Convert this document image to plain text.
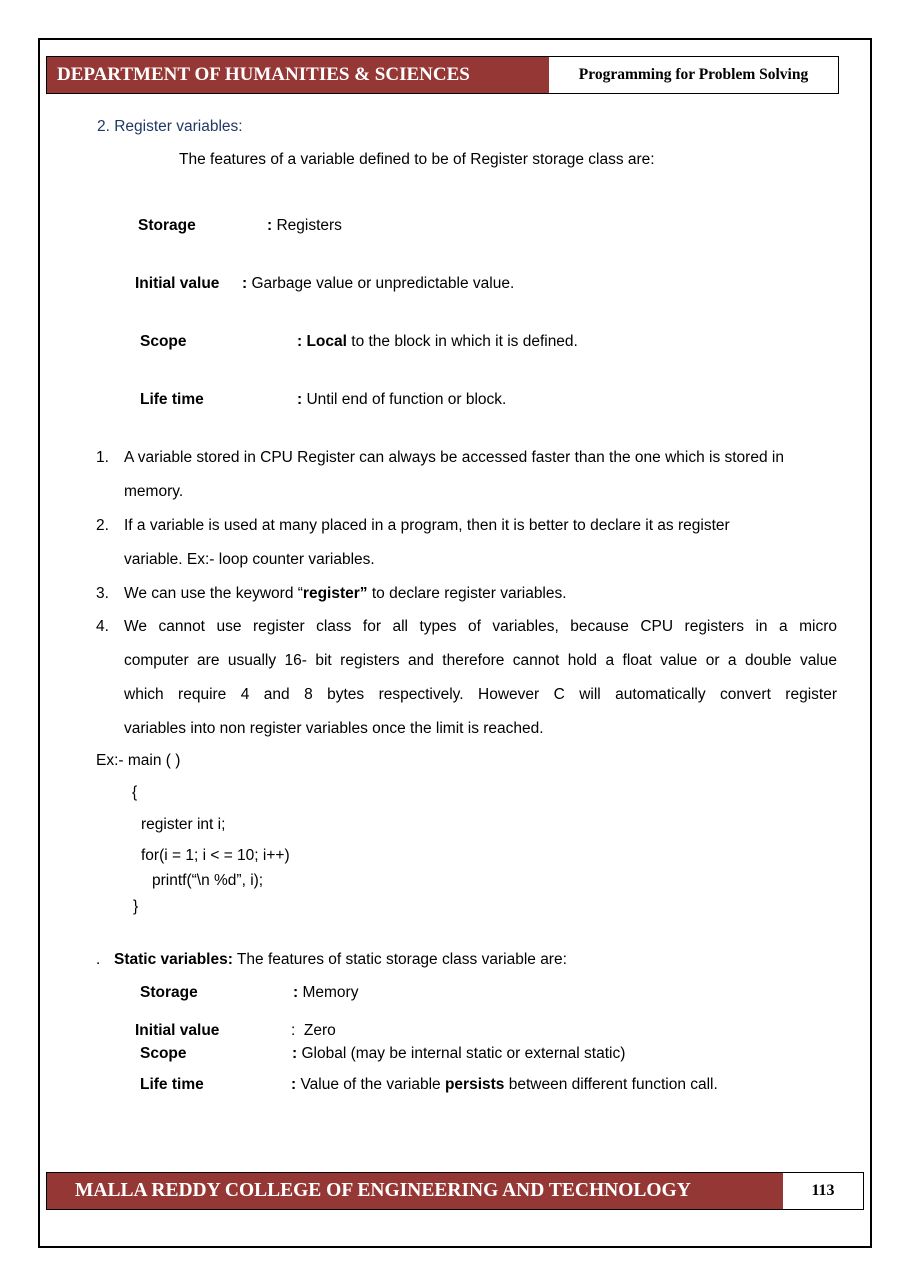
DEPARTMENT OF HUMANITIES & SCIENCES	Programming for Problem Solving
2. Register variables:
The features of a variable defined to be of Register storage class are:
Storage	: Registers
Initial value : Garbage value or unpredictable value.
Scope	: Local to the block in which it is defined.
Life time	: Until end of function or block.
1. A variable stored in CPU Register can always be accessed faster than the one which is stored in
memory.
2. If a variable is used at many placed in a program, then it is better to declare it as register
variable. Ex:- loop counter variables.
3. We can use the keyword “register” to declare register variables.
4. We cannot use register class for all types of variables, because CPU registers in a micro
computer are usually 16- bit registers and therefore cannot hold a float value or a double value
which require 4 and 8 bytes respectively. However C will automatically convert register
variables into non register variables once the limit is reached.
Ex:- main ( )
{
register int i;
for(i = 1; i < = 10; i++)
printf(“\n %d”, i);
}
. Static variables: The features of static storage class variable are:
Storage	: Memory
Initial value	:  Zero
Scope	: Global (may be internal static or external static)
Life time	: Value of the variable persists between different function call.
MALLA REDDY COLLEGE OF ENGINEERING AND TECHNOLOGY	113
